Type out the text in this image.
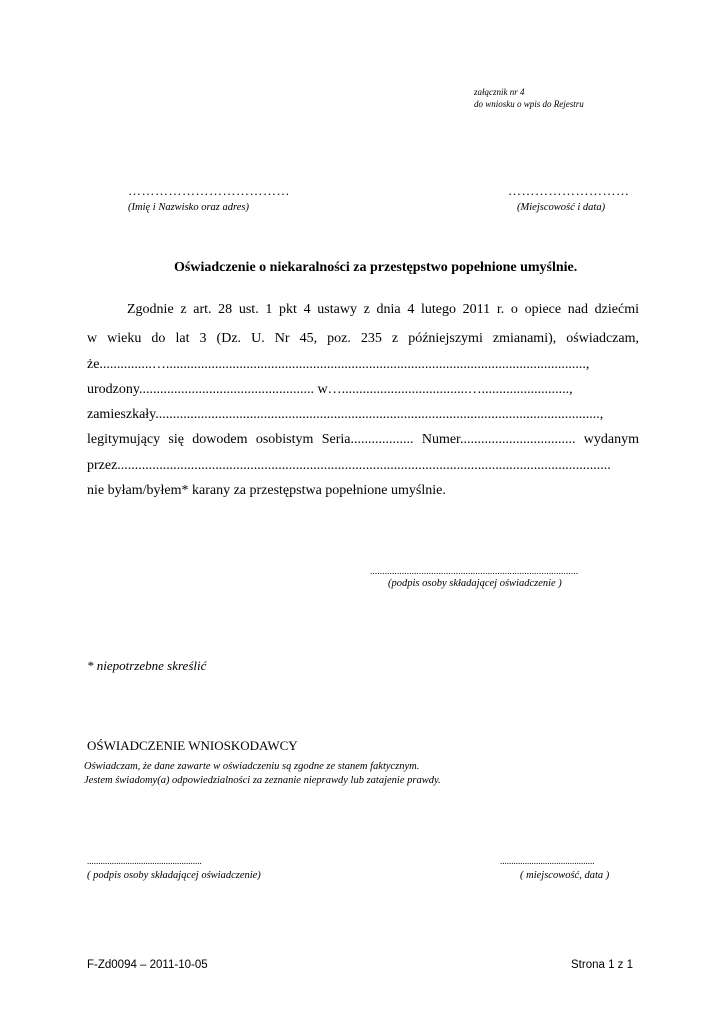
załącznik nr 4
do wniosku o wpis do Rejestru
………………………………
(Imię i Nazwisko oraz adres)
………………………
(Miejscowość i data)
Oświadczenie o niekaralności za przestępstwo popełnione umyślnie.
Zgodnie z art. 28 ust. 1 pkt 4 ustawy z dnia 4 lutego 2011 r. o opiece nad dziećmi
w wieku do lat 3 (Dz. U. Nr 45, poz. 235 z późniejszymi zmianami), oświadczam,
że...............…........................................................................................................................,
urodzony.................................................. w…....................................….........................,
zamieszkały...............................................................................................................................,
legitymujący się dowodem osobistym Seria.................. Numer................................. wydanym
przez.............................................................................................................................................
nie byłam/byłem* karany za przestępstwa popełnione umyślnie.
.....................................................................................
(podpis osoby składającej oświadczenie )
* niepotrzebne skreślić
OŚWIADCZENIE WNIOSKODAWCY
Oświadczam, że dane zawarte w oświadczeniu są zgodne ze stanem faktycznym.
Jestem świadomy(a) odpowiedzialności za zeznanie nieprawdy lub zatajenie prawdy.
...................................................
( podpis osoby składającej oświadczenie)
..........................................
( miejscowość, data )
F-Zd0094 – 2011-10-05	Strona 1 z 1
